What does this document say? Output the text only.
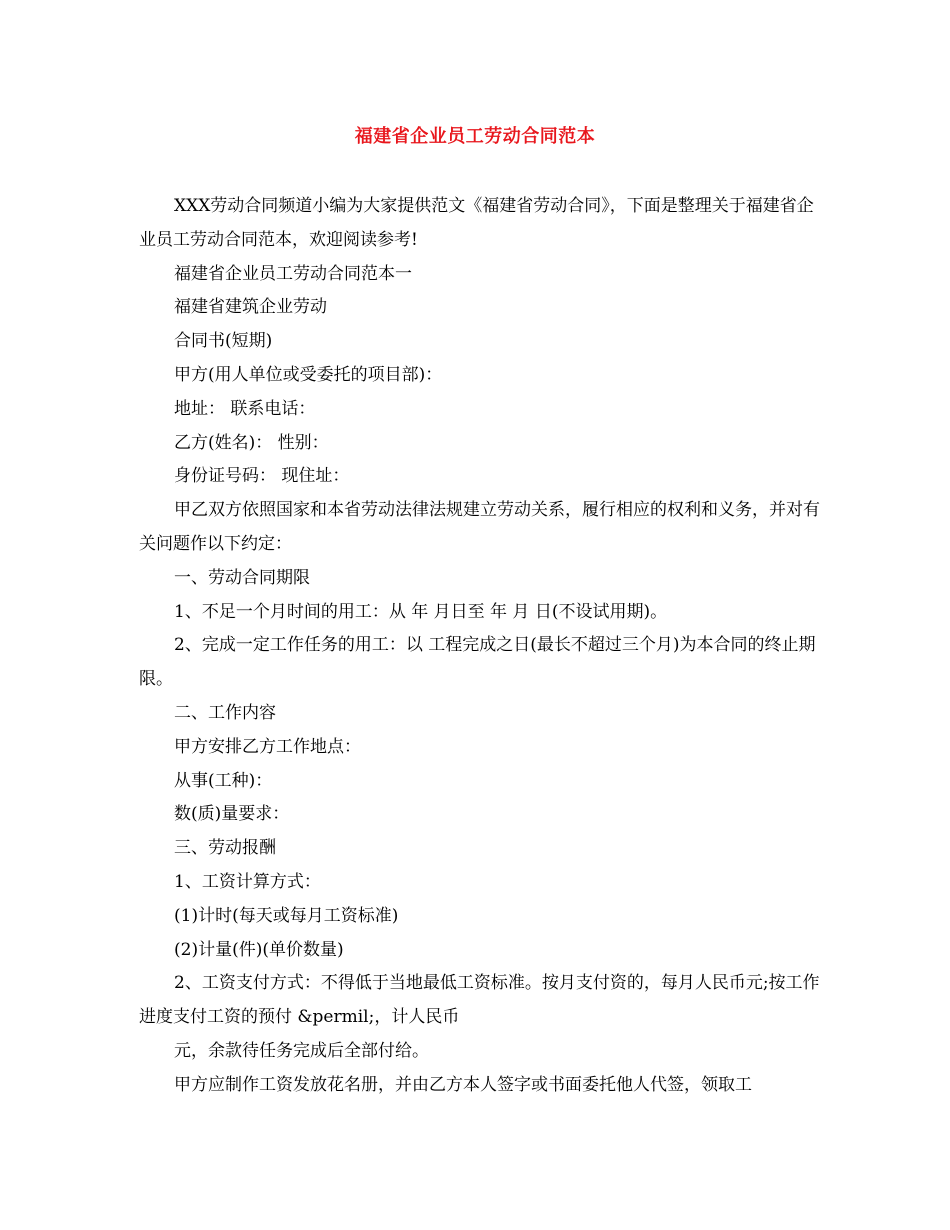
福建省企业员工劳动合同范本

XXX劳动合同频道小编为大家提供范文《福建省劳动合同》，下面是整理关于福建省企业员工劳动合同范本，欢迎阅读参考!

福建省企业员工劳动合同范本一

福建省建筑企业劳动

合同书(短期)

甲方(用人单位或受委托的项目部)：

地址： 联系电话：

乙方(姓名)： 性别：

身份证号码： 现住址：

甲乙双方依照国家和本省劳动法律法规建立劳动关系，履行相应的权利和义务，并对有关问题作以下约定：

一、劳动合同期限

1、不足一个月时间的用工：从 年 月日至 年 月 日(不设试用期)。

2、完成一定工作任务的用工：以 工程完成之日(最长不超过三个月)为本合同的终止期限。

二、工作内容

甲方安排乙方工作地点：

从事(工种)：

数(质)量要求：

三、劳动报酬

1、工资计算方式：

(1)计时(每天或每月工资标准)

(2)计量(件)(单价数量)

2、工资支付方式：不得低于当地最低工资标准。按月支付资的，每月人民币元;按工作进度支付工资的预付 &permil;，计人民币

元，余款待任务完成后全部付给。

甲方应制作工资发放花名册，并由乙方本人签字或书面委托他人代签，领取工
